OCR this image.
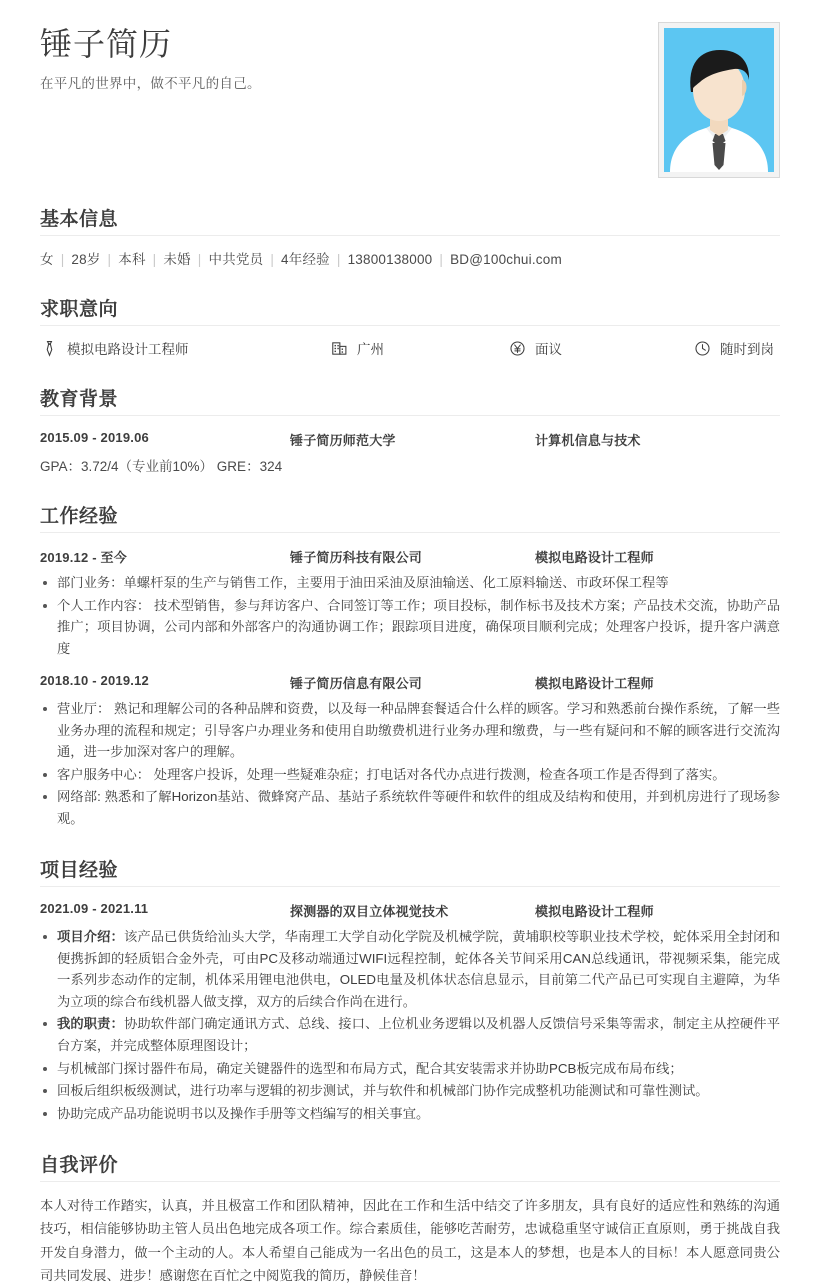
锤子简历

在平凡的世界中，做不平凡的自己。

基本信息
女 | 28岁 | 本科 | 未婚 | 中共党员 | 4年经验 | 13800138000 | BD@100chui.com
求职意向
模拟电路设计工程师	广州	面议	随时到岗
教育背景
2015.09 - 2019.06	锤子简历师范大学	计算机信息与技术
GPA：3.72/4（专业前10%） GRE：324
工作经验
2019.12 - 至今	锤子简历科技有限公司	模拟电路设计工程师
部门业务：单螺杆泵的生产与销售工作，主要用于油田采油及原油输送、化工原料输送、市政环保工程等
个人工作内容： 技术型销售，参与拜访客户、合同签订等工作；项目投标，制作标书及技术方案；产品技术交流，协助产品推广；项目协调，公司内部和外部客户的沟通协调工作；跟踪项目进度，确保项目顺利完成；处理客户投诉，提升客户满意度
2018.10 - 2019.12	锤子简历信息有限公司	模拟电路设计工程师
营业厅： 熟记和理解公司的各种品牌和资费，以及每一种品牌套餐适合什么样的顾客。学习和熟悉前台操作系统，了解一些业务办理的流程和规定；引导客户办理业务和使用自助缴费机进行业务办理和缴费，与一些有疑问和不解的顾客进行交流沟通，进一步加深对客户的理解。
客户服务中心： 处理客户投诉，处理一些疑难杂症；打电话对各代办点进行拨测，检查各项工作是否得到了落实。
网络部: 熟悉和了解Horizon基站、微蜂窝产品、基站子系统软件等硬件和软件的组成及结构和使用，并到机房进行了现场参观。
项目经验
2021.09 - 2021.11	探测器的双目立体视觉技术	模拟电路设计工程师
项目介绍：该产品已供货给汕头大学，华南理工大学自动化学院及机械学院，黄埔职校等职业技术学校，蛇体采用全封闭和便携拆卸的轻质铝合金外壳，可由PC及移动端通过WIFI远程控制，蛇体各关节间采用CAN总线通讯，带视频采集，能完成一系列步态动作的定制，机体采用锂电池供电，OLED电量及机体状态信息显示，目前第二代产品已可实现自主避障，为华为立项的综合布线机器人做支撑，双方的后续合作尚在进行。
我的职责：协助软件部门确定通讯方式、总线、接口、上位机业务逻辑以及机器人反馈信号采集等需求，制定主从控硬件平台方案，并完成整体原理图设计；
与机械部门探讨器件布局，确定关键器件的选型和布局方式，配合其安装需求并协助PCB板完成布局布线；
回板后组织板级测试，进行功率与逻辑的初步测试，并与软件和机械部门协作完成整机功能测试和可靠性测试。
协助完成产品功能说明书以及操作手册等文档编写的相关事宜。
自我评价
本人对待工作踏实，认真，并且极富工作和团队精神，因此在工作和生活中结交了许多朋友，具有良好的适应性和熟练的沟通技巧，相信能够协助主管人员出色地完成各项工作。综合素质佳，能够吃苦耐劳，忠诚稳重坚守诚信正直原则，勇于挑战自我开发自身潜力，做一个主动的人。本人希望自己能成为一名出色的员工，这是本人的梦想，也是本人的目标！本人愿意同贵公司共同发展、进步！感谢您在百忙之中阅览我的简历，静候佳音！
